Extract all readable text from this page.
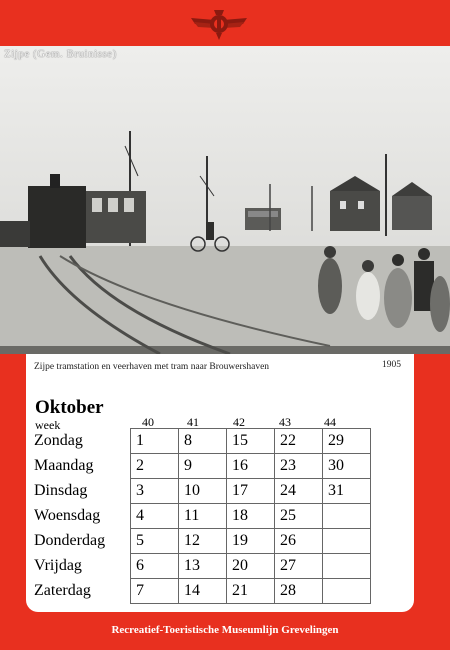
Zijpe (Gem. Bruinisse)
Zijpe tramstation en veerhaven met tram naar Brouwershaven	1905
Oktober
week	40	41	42	43	44
Zondag	1	8	15	22	29
Maandag	2	9	16	23	30
Dinsdag	3	10	17	24	31
Woensdag	4	11	18	25	
Donderdag	5	12	19	26	
Vrijdag	6	13	20	27	
Zaterdag	7	14	21	28	
Recreatief-Toeristische Museumlijn Grevelingen
